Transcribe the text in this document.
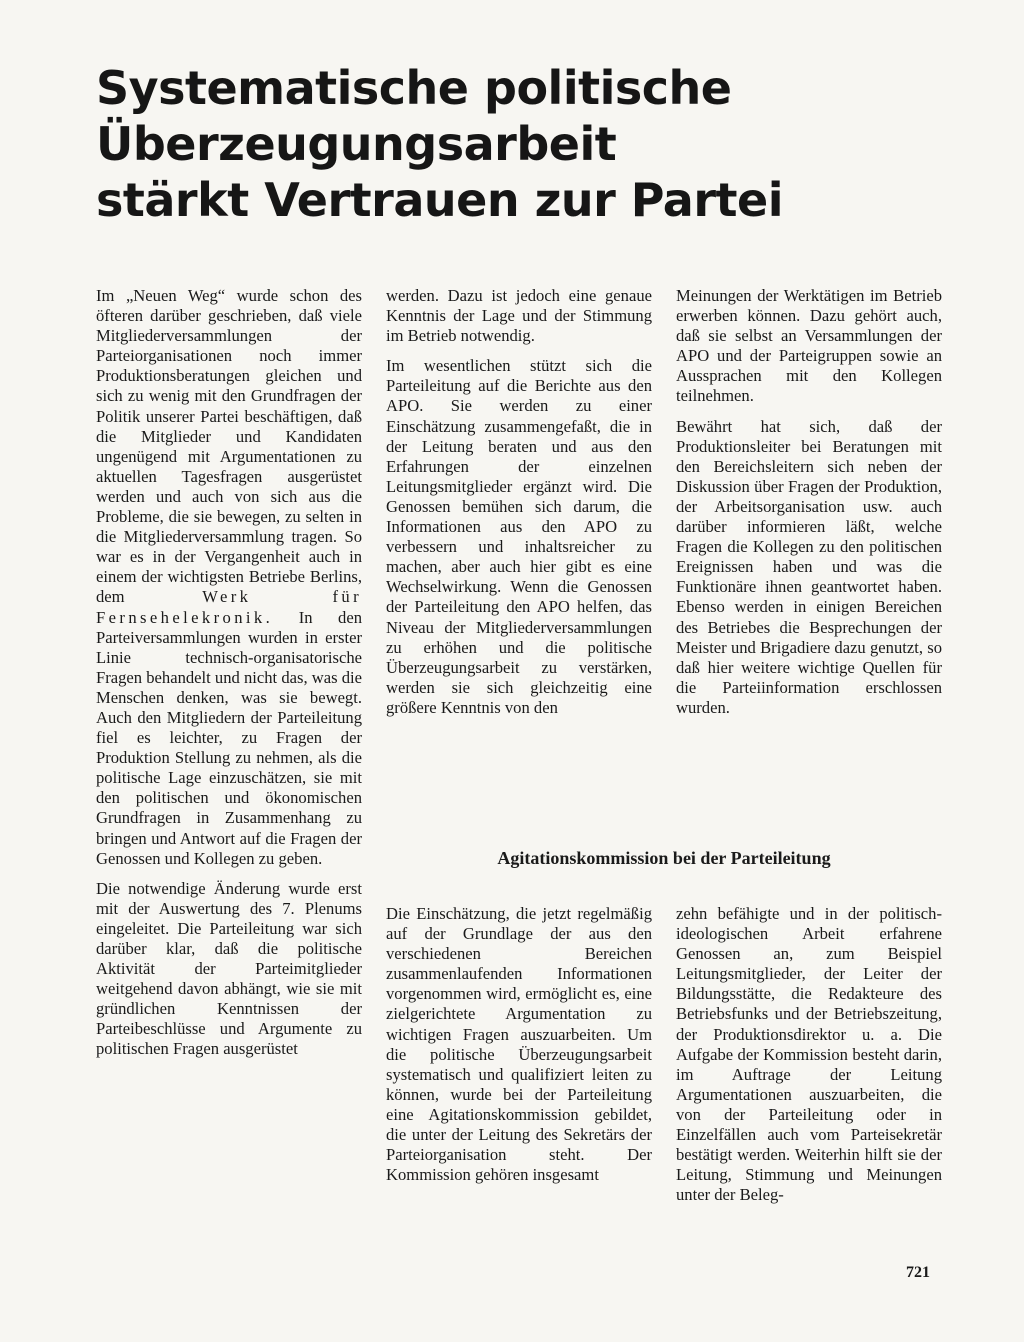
Systematische politische
Überzeugungsarbeit
stärkt Vertrauen zur Partei

Im „Neuen Weg“ wurde schon des öfteren darüber geschrieben, daß viele Mitgliederversammlungen der Parteiorganisationen noch immer Produktionsberatungen gleichen und sich zu wenig mit den Grundfragen der Politik unserer Partei beschäftigen, daß die Mitglieder und Kandidaten ungenügend mit Argumentationen zu aktuellen Tagesfragen ausgerüstet werden und auch von sich aus die Probleme, die sie bewegen, zu selten in die Mitgliederversammlung tragen. So war es in der Vergangenheit auch in einem der wichtigsten Betriebe Berlins, dem	Werk für Fernsehelekronik. In den Parteiversammlungen wurden in erster Linie technisch-organisatorische Fragen behandelt und nicht das, was die Menschen denken, was sie bewegt. Auch den Mitgliedern der Parteileitung fiel es leichter, zu Fragen der Produktion Stellung zu nehmen, als die politische Lage einzuschätzen, sie mit den politischen und ökonomischen Grundfragen in Zusammenhang zu bringen und Antwort auf die Fragen der Genossen und Kollegen zu geben.

Die notwendige Änderung wurde erst mit der Auswertung des 7. Plenums eingeleitet. Die Parteileitung war sich darüber klar, daß die politische Aktivität der Parteimitglieder weitgehend davon abhängt, wie sie mit gründlichen Kenntnissen der Parteibeschlüsse und Argumente zu politischen Fragen ausgerüstet

werden. Dazu ist jedoch eine genaue Kenntnis der Lage und der Stimmung im Betrieb notwendig.

Im wesentlichen stützt sich die Parteileitung auf die Berichte aus den APO. Sie werden zu einer Einschätzung zusammengefaßt, die in der Leitung beraten und aus den Erfahrungen der einzelnen Leitungsmitglieder ergänzt wird. Die Genossen bemühen sich darum, die Informationen aus den APO zu verbessern und inhaltsreicher zu machen, aber auch hier gibt es eine Wechselwirkung. Wenn die Genossen der Parteileitung den APO helfen, das Niveau der Mitgliederversammlungen zu erhöhen und die politische Überzeugungsarbeit zu verstärken, werden sie sich gleichzeitig eine größere Kenntnis von den

Meinungen der Werktätigen im Betrieb erwerben können. Dazu gehört auch, daß sie selbst an Versammlungen der APO und der Parteigruppen sowie an Aussprachen mit den Kollegen teilnehmen.

Bewährt hat sich, daß der Produktionsleiter bei Beratungen mit den Bereichsleitern sich neben der Diskussion über Fragen der Produktion, der Arbeitsorganisation usw. auch darüber informieren läßt, welche Fragen die Kollegen zu den politischen Ereignissen haben und was die Funktionäre ihnen geantwortet haben. Ebenso werden in einigen Bereichen des Betriebes die Besprechungen der Meister und Brigadiere dazu genutzt, so daß hier weitere wichtige Quellen für die Parteiinformation erschlossen wurden.

Agitationskommission bei der Parteileitung

Die Einschätzung, die jetzt regelmäßig auf der Grundlage der aus den verschiedenen Bereichen zusammenlaufenden Informationen vorgenommen wird, ermöglicht es, eine zielgerichtete Argumentation zu wichtigen Fragen auszuarbeiten. Um die politische Überzeugungsarbeit systematisch und qualifiziert leiten zu können, wurde bei der Parteileitung eine Agitationskommission gebildet, die unter der Leitung des Sekretärs der Parteiorganisation steht. Der Kommission gehören insgesamt

zehn befähigte und in der politisch-ideologischen Arbeit erfahrene Genossen an, zum Beispiel Leitungsmitglieder, der Leiter der Bildungsstätte, die Redakteure des Betriebsfunks und der Betriebszeitung, der Produktionsdirektor u. a. Die Aufgabe der Kommission besteht darin, im Auftrage der Leitung Argumentationen auszuarbeiten, die von der Parteileitung oder in Einzelfällen auch vom Parteisekretär bestätigt werden. Weiterhin hilft sie der Leitung, Stimmung und Meinungen unter der Beleg-

721
